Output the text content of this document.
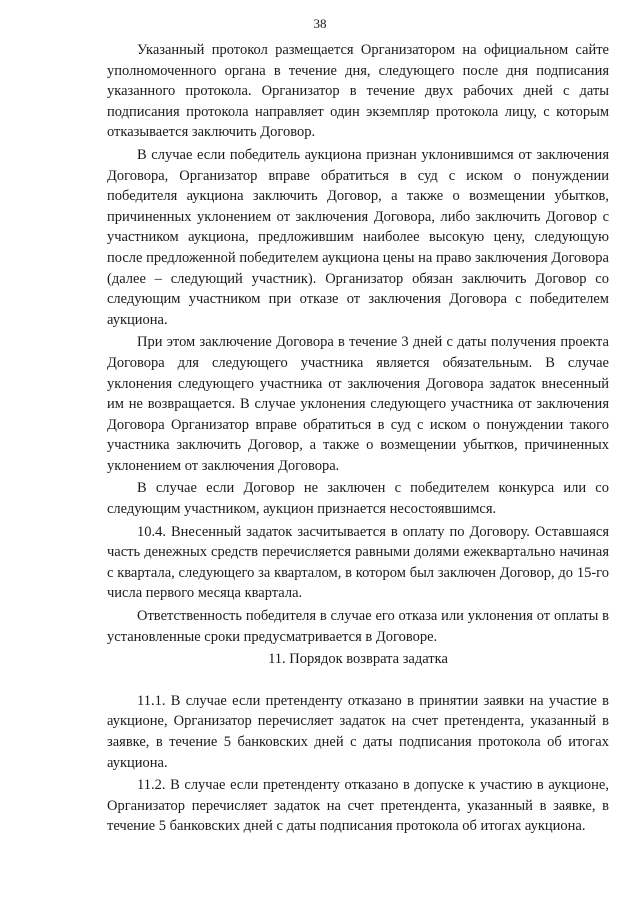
38

Указанный протокол размещается Организатором на официальном сайте уполномоченного органа в течение дня, следующего после дня подписания указанного протокола. Организатор в течение двух рабочих дней с даты подписания протокола направляет один экземпляр протокола лицу, с которым отказывается заключить Договор.

В случае если победитель аукциона признан уклонившимся от заключения Договора, Организатор вправе обратиться в суд с иском о понуждении победителя аукциона заключить Договор, а также о возмещении убытков, причиненных уклонением от заключения Договора, либо заключить Договор с участником аукциона, предложившим наиболее высокую цену, следующую после предложенной победителем аукциона цены на право заключения Договора (далее – следующий участник). Организатор обязан заключить Договор со следующим участником при отказе от заключения Договора с победителем аукциона.

При этом заключение Договора в течение 3 дней с даты получения проекта Договора для следующего участника является обязательным. В случае уклонения следующего участника от заключения Договора задаток внесенный им не возвращается. В случае уклонения следующего участника от заключения Договора Организатор вправе обратиться в суд с иском о понуждении такого участника заключить Договор, а также о возмещении убытков, причиненных уклонением от заключения Договора.

В случае если Договор не заключен с победителем конкурса или со следующим участником, аукцион признается несостоявшимся.

10.4. Внесенный задаток засчитывается в оплату по Договору. Оставшаяся часть денежных средств перечисляется равными долями ежеквартально начиная с квартала, следующего за кварталом, в котором был заключен Договор, до 15-го числа первого месяца квартала.

Ответственность победителя в случае его отказа или уклонения от оплаты в установленные сроки предусматривается в Договоре.

11. Порядок возврата задатка

11.1. В случае если претенденту отказано в принятии заявки на участие в аукционе, Организатор перечисляет задаток на счет претендента, указанный в заявке, в течение 5 банковских дней с даты подписания протокола об итогах аукциона.

11.2. В случае если претенденту отказано в допуске к участию в аукционе, Организатор перечисляет задаток на счет претендента, указанный в заявке, в течение 5 банковских дней с даты подписания протокола об итогах аукциона.
